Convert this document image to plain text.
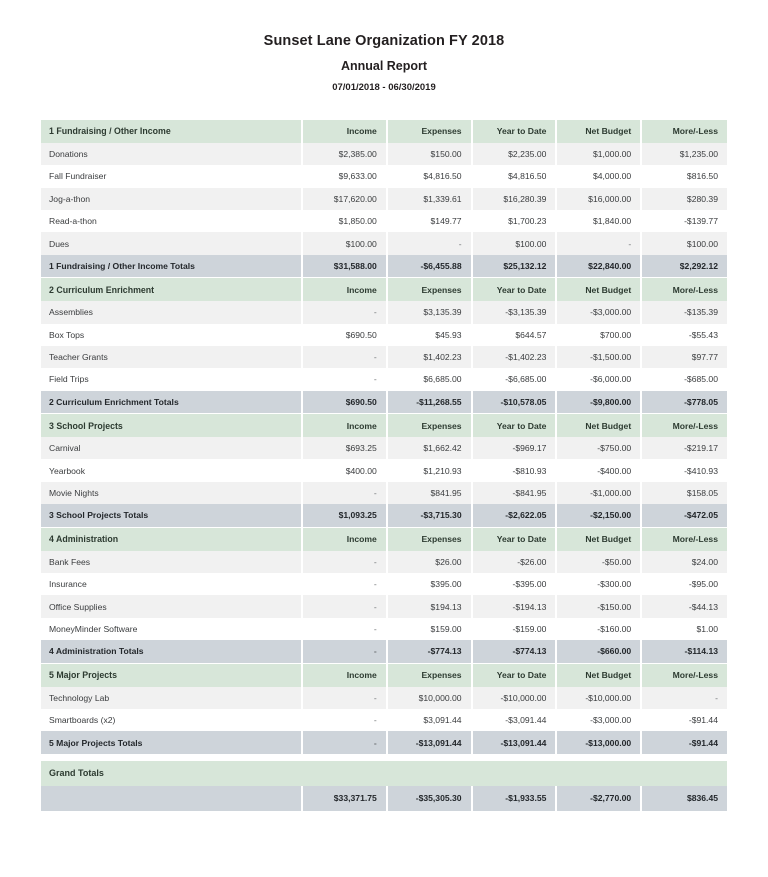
Sunset Lane Organization FY 2018
Annual Report
07/01/2018 - 06/30/2019
1 Fundraising / Other Income	Income	Expenses	Year to Date	Net Budget	More/-Less
Donations	$2,385.00	$150.00	$2,235.00	$1,000.00	$1,235.00
Fall Fundraiser	$9,633.00	$4,816.50	$4,816.50	$4,000.00	$816.50
Jog-a-thon	$17,620.00	$1,339.61	$16,280.39	$16,000.00	$280.39
Read-a-thon	$1,850.00	$149.77	$1,700.23	$1,840.00	-$139.77
Dues	$100.00	-	$100.00	-	$100.00
1 Fundraising / Other Income Totals	$31,588.00	-$6,455.88	$25,132.12	$22,840.00	$2,292.12
2 Curriculum Enrichment	Income	Expenses	Year to Date	Net Budget	More/-Less
Assemblies	-	$3,135.39	-$3,135.39	-$3,000.00	-$135.39
Box Tops	$690.50	$45.93	$644.57	$700.00	-$55.43
Teacher Grants	-	$1,402.23	-$1,402.23	-$1,500.00	$97.77
Field Trips	-	$6,685.00	-$6,685.00	-$6,000.00	-$685.00
2 Curriculum Enrichment Totals	$690.50	-$11,268.55	-$10,578.05	-$9,800.00	-$778.05
3 School Projects	Income	Expenses	Year to Date	Net Budget	More/-Less
Carnival	$693.25	$1,662.42	-$969.17	-$750.00	-$219.17
Yearbook	$400.00	$1,210.93	-$810.93	-$400.00	-$410.93
Movie Nights	-	$841.95	-$841.95	-$1,000.00	$158.05
3 School Projects Totals	$1,093.25	-$3,715.30	-$2,622.05	-$2,150.00	-$472.05
4 Administration	Income	Expenses	Year to Date	Net Budget	More/-Less
Bank Fees	-	$26.00	-$26.00	-$50.00	$24.00
Insurance	-	$395.00	-$395.00	-$300.00	-$95.00
Office Supplies	-	$194.13	-$194.13	-$150.00	-$44.13
MoneyMinder Software	-	$159.00	-$159.00	-$160.00	$1.00
4 Administration Totals	-	-$774.13	-$774.13	-$660.00	-$114.13
5 Major Projects	Income	Expenses	Year to Date	Net Budget	More/-Less
Technology Lab	-	$10,000.00	-$10,000.00	-$10,000.00	-
Smartboards (x2)	-	$3,091.44	-$3,091.44	-$3,000.00	-$91.44
5 Major Projects Totals	-	-$13,091.44	-$13,091.44	-$13,000.00	-$91.44
Grand Totals
	$33,371.75	-$35,305.30	-$1,933.55	-$2,770.00	$836.45
